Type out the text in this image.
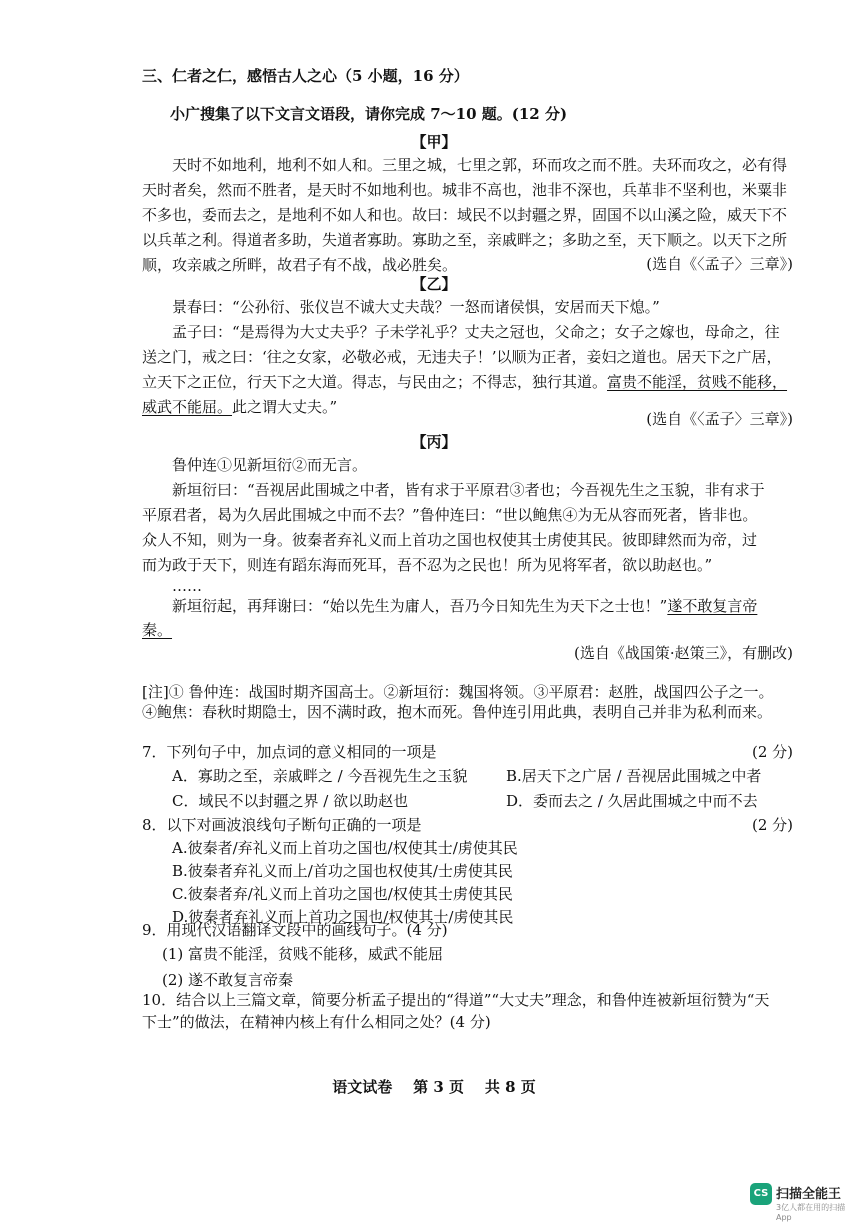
三、仁者之仁，感悟古人之心（5 小题，16 分）
小广搜集了以下文言文语段，请你完成 7～10 题。(12 分)
【甲】
天时不如地利，地利不如人和。三里之城，七里之郭，环而攻之而不胜。夫环而攻之，必有得
天时者矣，然而不胜者，是天时不如地利也。城非不高也，池非不深也，兵革非不坚利也，米粟非
不多也，委而去之，是地利不如人和也。故曰：域民不以封疆之界，固国不以山溪之险，威天下不
以兵革之利。得道者多助，失道者寡助。寡助之至，亲戚畔之；多助之至，天下顺之。以天下之所
顺，攻亲戚之所畔，故君子有不战，战必胜矣。	(选自《〈孟子〉三章》)
【乙】
景春曰：“公孙衍、张仪岂不诚大丈夫哉？一怒而诸侯惧，安居而天下熄。”
孟子曰：“是焉得为大丈夫乎？子未学礼乎？丈夫之冠也，父命之；女子之嫁也，母命之，往
送之门，戒之曰：‘往之女家，必敬必戒，无违夫子！’以顺为正者，妾妇之道也。居天下之广居，
立天下之正位，行天下之大道。得志，与民由之；不得志，独行其道。富贵不能淫，贫贱不能移，
威武不能屈。此之谓大丈夫。”
(选自《〈孟子〉三章》)
【丙】
鲁仲连①见新垣衍②而无言。
新垣衍曰：“吾视居此围城之中者，皆有求于平原君③者也；今吾视先生之玉貌，非有求于
平原君者，曷为久居此围城之中而不去？”鲁仲连曰：“世以鲍焦④为无从容而死者，皆非也。
众人不知，则为一身。彼秦者弃礼义而上首功之国也权使其士虏使其民。彼即肆然而为帝，过
而为政于天下，则连有蹈东海而死耳，吾不忍为之民也！所为见将军者，欲以助赵也。”
……
新垣衍起，再拜谢曰：“始以先生为庸人，吾乃今日知先生为天下之士也！”遂不敢复言帝
秦。
(选自《战国策·赵策三》，有删改)
[注]① 鲁仲连：战国时期齐国高士。②新垣衍：魏国将领。③平原君：赵胜，战国四公子之一。
④鲍焦：春秋时期隐士，因不满时政，抱木而死。鲁仲连引用此典，表明自己并非为私利而来。
7．下列句子中，加点词的意义相同的一项是	(2 分)
A．寡助之至，亲戚畔之 / 今吾视先生之玉貌	B.居天下之广居 / 吾视居此围城之中者
C．域民不以封疆之界 / 欲以助赵也	D．委而去之 / 久居此围城之中而不去
8．以下对画波浪线句子断句正确的一项是	(2 分)
A.彼秦者/弃礼义而上首功之国也/权使其士/虏使其民
B.彼秦者弃礼义而上/首功之国也权使其/士虏使其民
C.彼秦者弃/礼义而上首功之国也/权使其士虏使其民
D.彼秦者弃礼义而上首功之国也/权使其士/虏使其民
9．用现代汉语翻译文段中的画线句子。(4 分)
(1) 富贵不能淫，贫贱不能移，威武不能屈
(2) 遂不敢复言帝秦
10．结合以上三篇文章，简要分析孟子提出的“得道”“大丈夫”理念，和鲁仲连被新垣衍赞为“天
下士”的做法，在精神内核上有什么相同之处？(4 分)
语文试卷    第 3 页    共 8 页
CS 扫描全能王
3亿人都在用的扫描App
